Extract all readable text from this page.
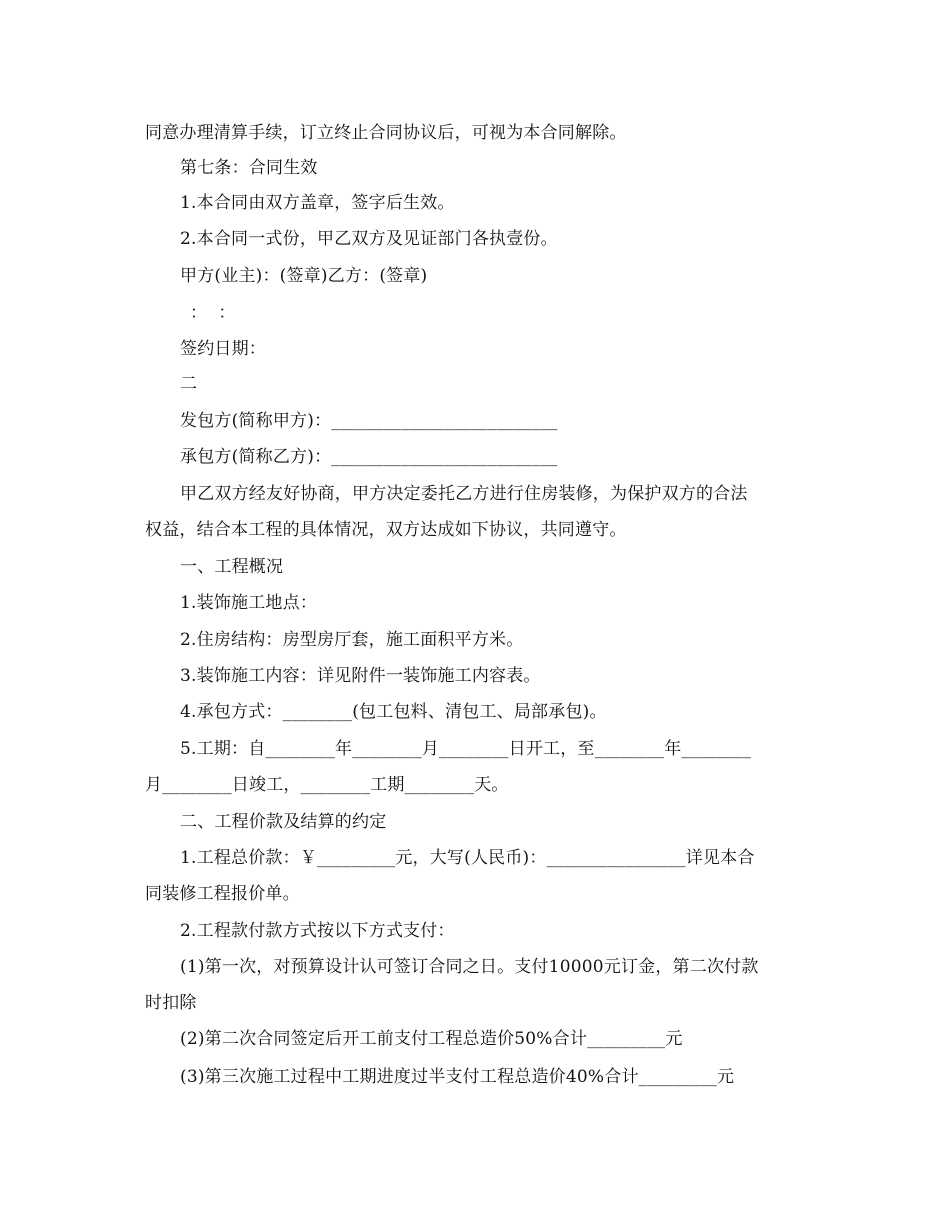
同意办理清算手续，订立终止合同协议后，可视为本合同解除。
第七条：合同生效
1.本合同由双方盖章，签字后生效。
2.本合同一式份，甲乙双方及见证部门各执壹份。
甲方(业主)：(签章)乙方：(签章)
：  ：
签约日期：
二
发包方(简称甲方)：__________________________
承包方(简称乙方)：__________________________
甲乙双方经友好协商，甲方决定委托乙方进行住房装修，为保护双方的合法
权益，结合本工程的具体情况，双方达成如下协议，共同遵守。
一、工程概况
1.装饰施工地点：
2.住房结构：房型房厅套，施工面积平方米。
3.装饰施工内容：详见附件一装饰施工内容表。
4.承包方式：________(包工包料、清包工、局部承包)。
5.工期：自________年________月________日开工，至________年________
月________日竣工，________工期________天。
二、工程价款及结算的约定
1.工程总价款：￥_________元，大写(人民币)：________________详见本合
同装修工程报价单。
2.工程款付款方式按以下方式支付：
(1)第一次，对预算设计认可签订合同之日。支付10000元订金，第二次付款
时扣除
(2)第二次合同签定后开工前支付工程总造价50%合计_________元
(3)第三次施工过程中工期进度过半支付工程总造价40%合计_________元
